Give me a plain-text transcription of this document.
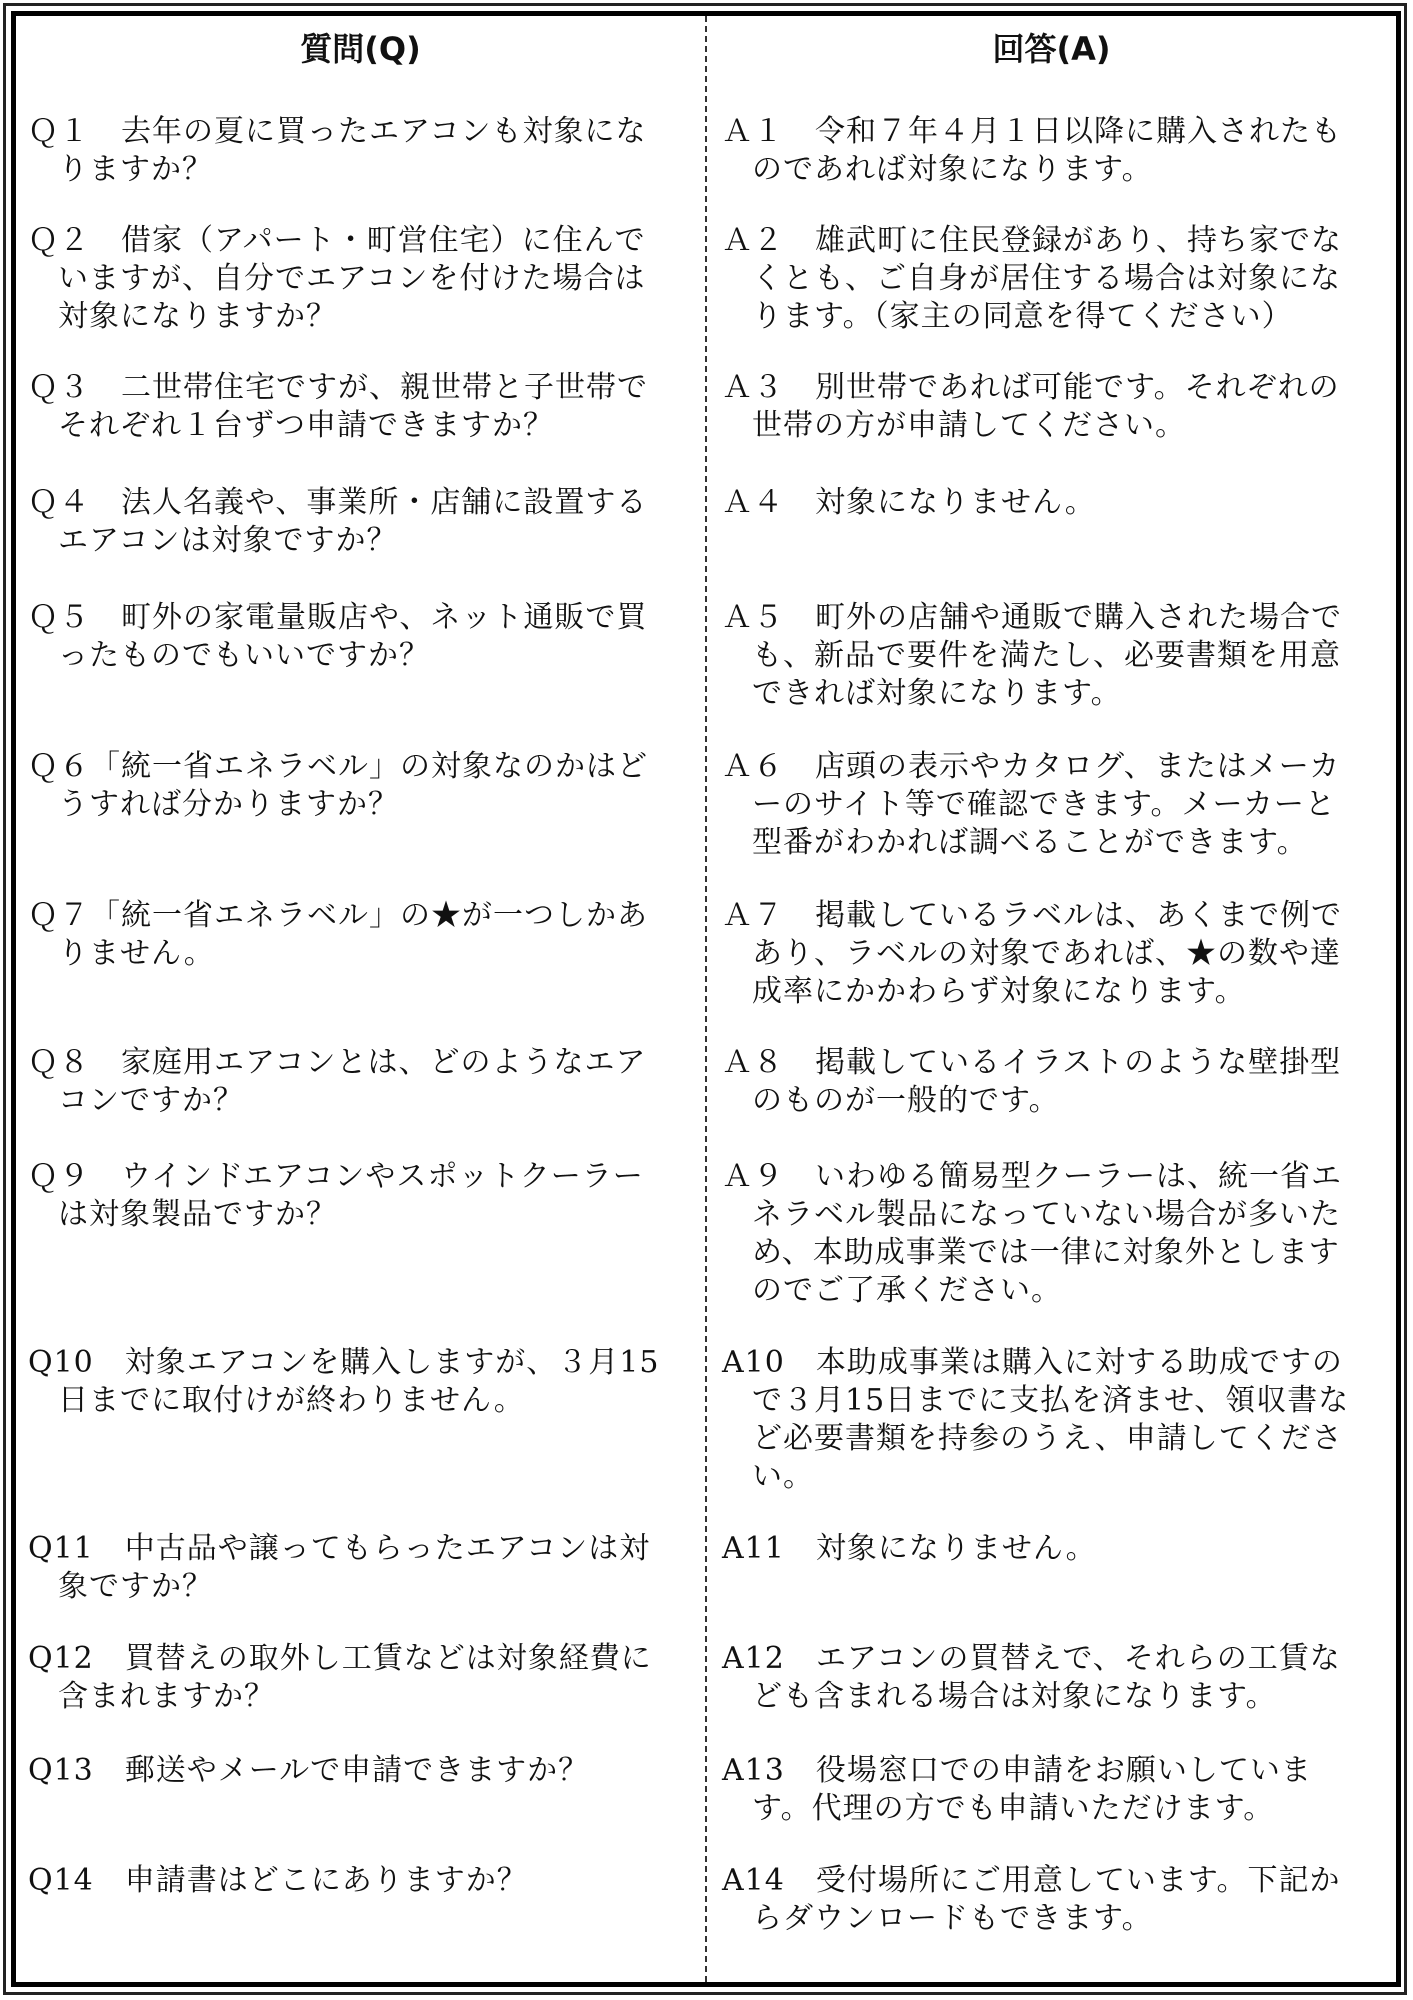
質問(Q)	回答(A)
Ｑ１　去年の夏に買ったエアコンも対象にな
りますか？
Ａ１　令和７年４月１日以降に購入されたも
のであれば対象になります。
Ｑ２　借家（アパート・町営住宅）に住んで
いますが、自分でエアコンを付けた場合は
対象になりますか？
Ａ２　雄武町に住民登録があり、持ち家でな
くとも、ご自身が居住する場合は対象にな
ります。（家主の同意を得てください）
Ｑ３　二世帯住宅ですが、親世帯と子世帯で
それぞれ１台ずつ申請できますか？
Ａ３　別世帯であれば可能です。それぞれの
世帯の方が申請してください。
Ｑ４　法人名義や、事業所・店舗に設置する
エアコンは対象ですか？
Ａ４　対象になりません。
Ｑ５　町外の家電量販店や、ネット通販で買
ったものでもいいですか？
Ａ５　町外の店舗や通販で購入された場合で
も、新品で要件を満たし、必要書類を用意
できれば対象になります。
Ｑ６「統一省エネラベル」の対象なのかはど
うすれば分かりますか？
Ａ６　店頭の表示やカタログ、またはメーカ
ーのサイト等で確認できます。メーカーと
型番がわかれば調べることができます。
Ｑ７「統一省エネラベル」の★が一つしかあ
りません。
Ａ７　掲載しているラベルは、あくまで例で
あり、ラベルの対象であれば、★の数や達
成率にかかわらず対象になります。
Ｑ８　家庭用エアコンとは、どのようなエア
コンですか？
Ａ８　掲載しているイラストのような壁掛型
のものが一般的です。
Ｑ９　ウインドエアコンやスポットクーラー
は対象製品ですか？
Ａ９　いわゆる簡易型クーラーは、統一省エ
ネラベル製品になっていない場合が多いた
め、本助成事業では一律に対象外とします
のでご了承ください。
Q10　対象エアコンを購入しますが、３月15
日までに取付けが終わりません。
A10　本助成事業は購入に対する助成ですの
で３月15日までに支払を済ませ、領収書な
ど必要書類を持参のうえ、申請してくださ
い。
Q11　中古品や譲ってもらったエアコンは対
象ですか？
A11　対象になりません。
Q12　買替えの取外し工賃などは対象経費に
含まれますか？
A12　エアコンの買替えで、それらの工賃な
ども含まれる場合は対象になります。
Q13　郵送やメールで申請できますか？	A13　役場窓口での申請をお願いしていま
す。代理の方でも申請いただけます。
Q14　申請書はどこにありますか？	A14　受付場所にご用意しています。下記か
らダウンロードもできます。
